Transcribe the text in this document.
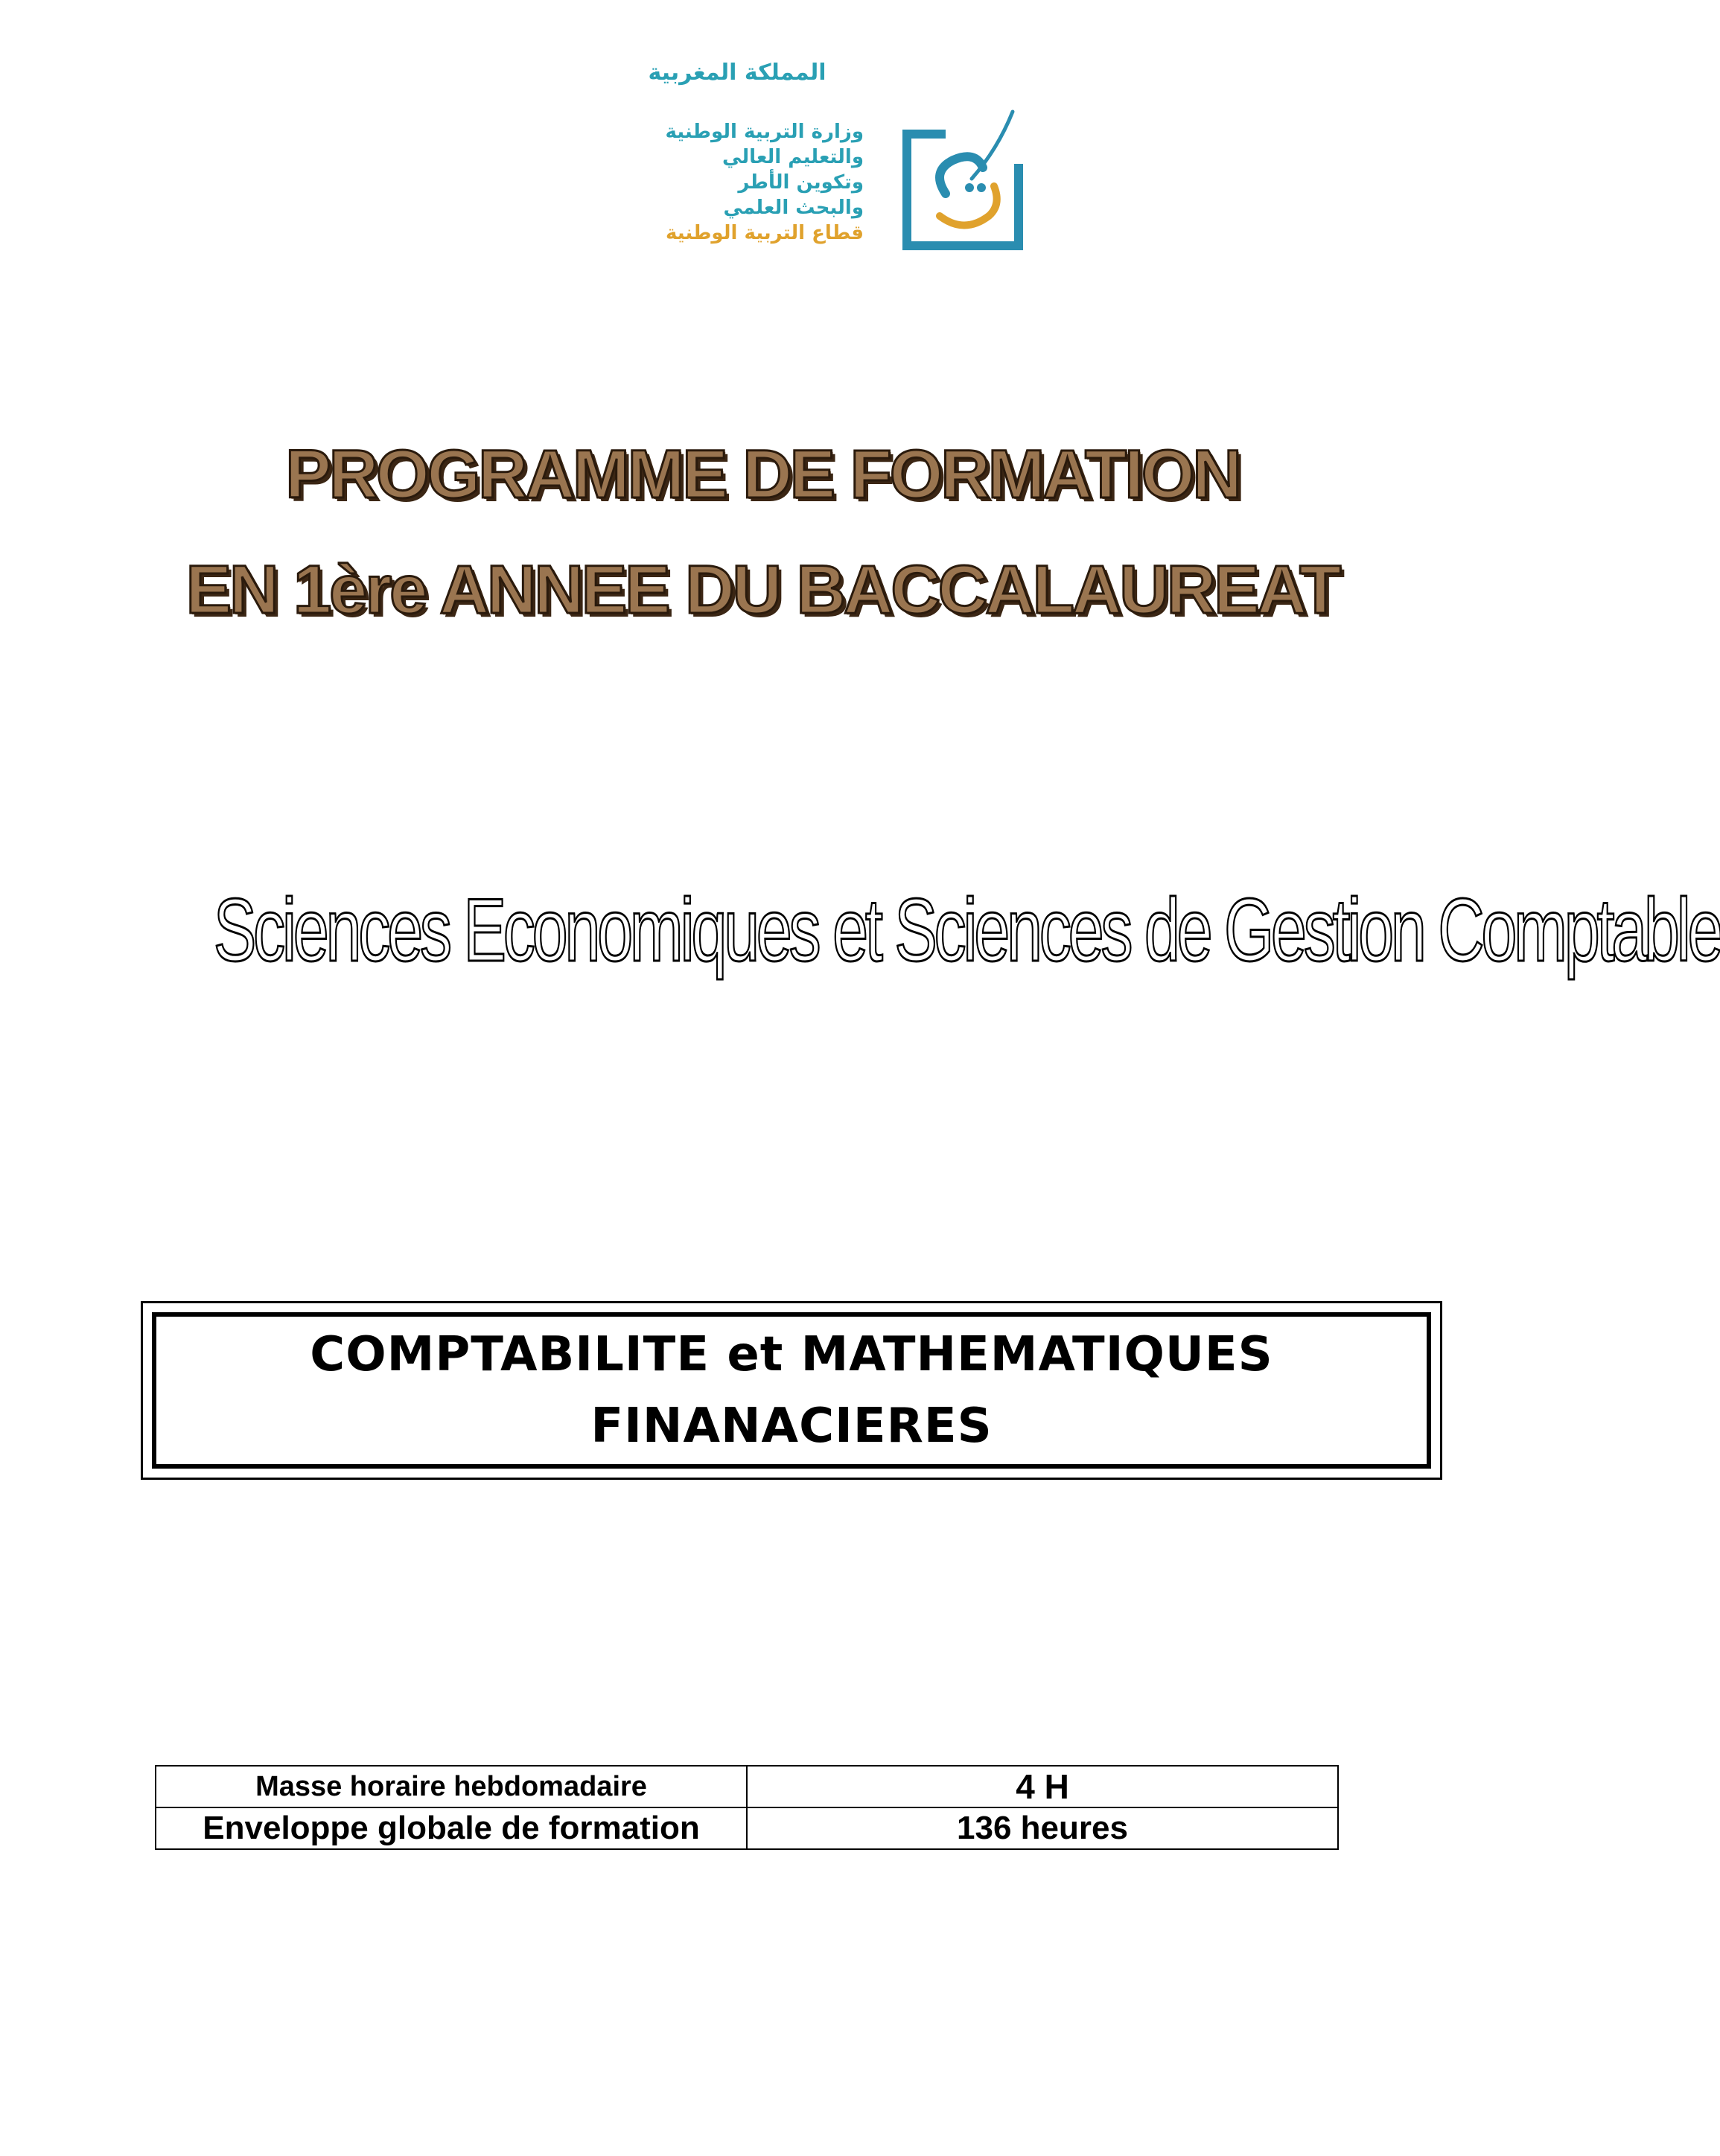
المملكة المغربية
وزارة التربية الوطنية
والتعليم العالي
وتكوين الأطر
والبحث العلمي
قطاع التربية الوطنية
PROGRAMME DE FORMATION
EN 1ère ANNEE DU BACCALAUREAT
Sciences Economiques et Sciences de Gestion Comptable
COMPTABILITE et MATHEMATIQUES
FINANACIERES
Masse horaire hebdomadaire	4 H
Enveloppe globale de formation	136 heures
